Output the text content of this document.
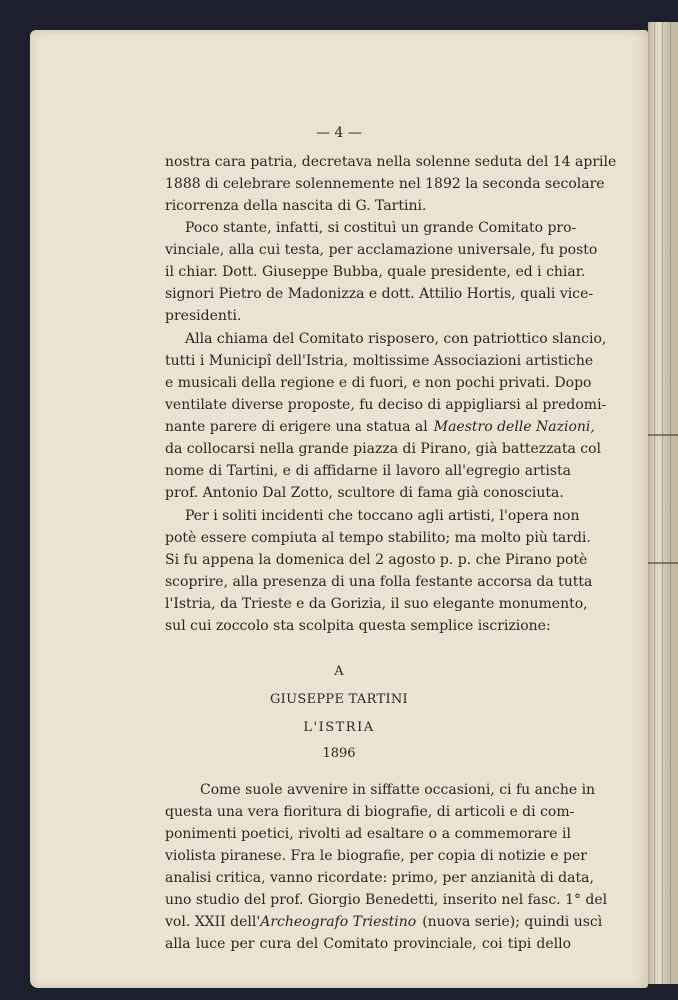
— 4 —
nostra cara patria, decretava nella solenne seduta del 14 aprile
1888 di celebrare solennemente nel 1892 la seconda secolare
ricorrenza della nascita di G. Tartini.
Poco stante, infatti, si costituì un grande Comitato pro-
vinciale, alla cui testa, per acclamazione universale, fu posto
il chiar. Dott. Giuseppe Bubba, quale presidente, ed i chiar.
signori Pietro de Madonizza e dott. Attilio Hortis, quali vice-
presidenti.
Alla chiama del Comitato risposero, con patriottico slancio,
tutti i Municipî dell'Istria, moltissime Associazioni artistiche
e musicali della regione e di fuori, e non pochi privati. Dopo
ventilate diverse proposte, fu deciso di appigliarsi al predomi-
nante parere di erigere una statua al Maestro delle Nazioni,
da collocarsi nella grande piazza di Pirano, già battezzata col
nome di Tartini, e di affidarne il lavoro all'egregio artista
prof. Antonio Dal Zotto, scultore di fama già conosciuta.
Per i soliti incidenti che toccano agli artisti, l'opera non
potè essere compiuta al tempo stabilito; ma molto più tardi.
Si fu appena la domenica del 2 agosto p. p. che Pirano potè
scoprire, alla presenza di una folla festante accorsa da tutta
l'Istria, da Trieste e da Gorizia, il suo elegante monumento,
sul cui zoccolo sta scolpita questa semplice iscrizione:
A
GIUSEPPE TARTINI
L'ISTRIA
1896
Come suole avvenire in siffatte occasioni, ci fu anche in
questa una vera fioritura di biografie, di articoli e di com-
ponimenti poetici, rivolti ad esaltare o a commemorare il
violista piranese. Fra le biografie, per copia di notizie e per
analisi critica, vanno ricordate: primo, per anzianità di data,
uno studio del prof. Giorgio Benedetti, inserito nel fasc. 1° del
vol. XXII dell' Archeografo Triestino (nuova serie); quindi uscì
alla luce per cura del Comitato provinciale, coi tipi dello
